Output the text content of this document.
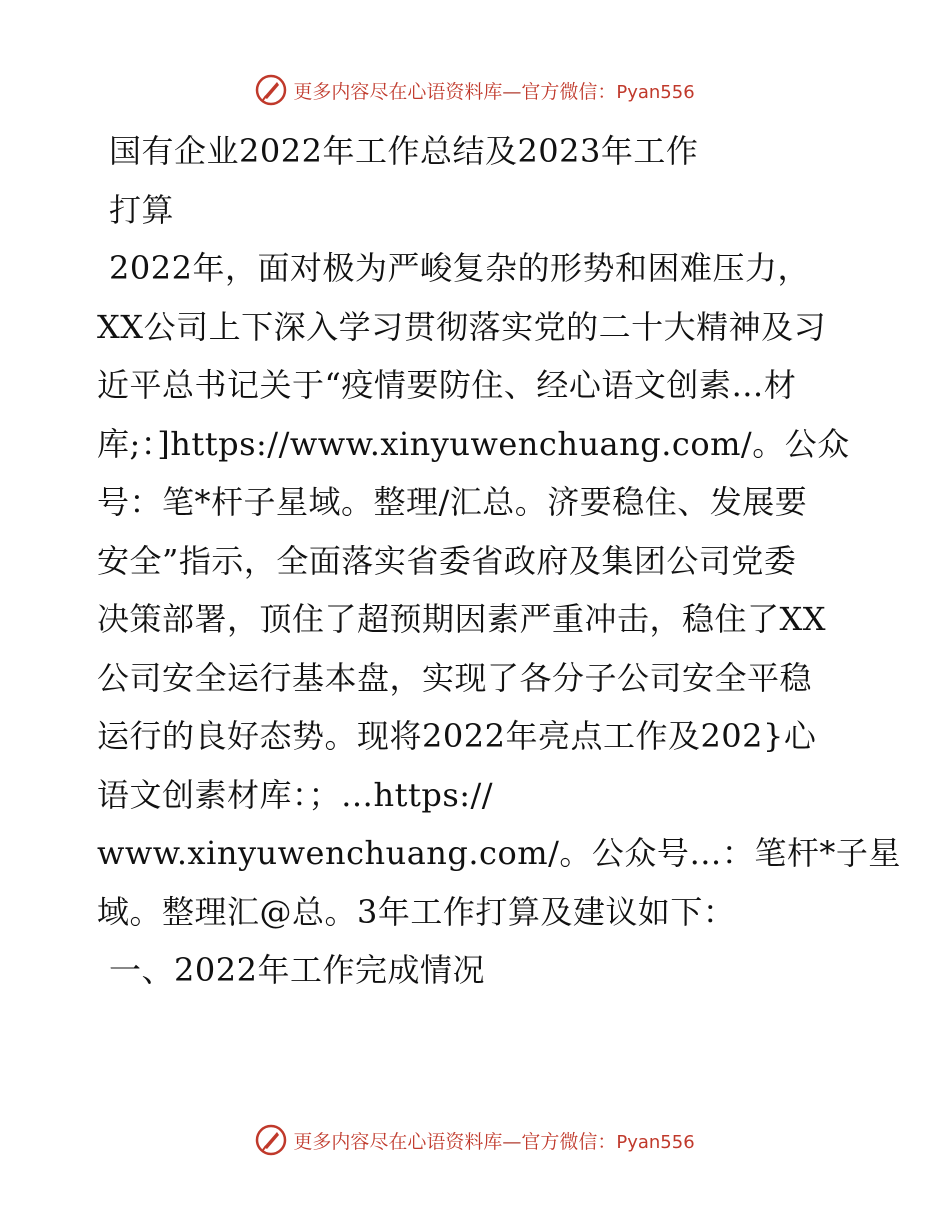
更多内容尽在心语资料库—官方微信：Pyan556
国有企业2022年工作总结及2023年工作
打算
2022年，面对极为严峻复杂的形势和困难压力，
XX公司上下深入学习贯彻落实党的二十大精神及习
近平总书记关于“疫情要防住、经心语文创素…材
库;：]https://www.xinyuwenchuang.com/。公众
号：笔*杆子星域。整理/汇总。济要稳住、发展要
安全”指示，全面落实省委省政府及集团公司党委
决策部署，顶住了超预期因素严重冲击，稳住了XX
公司安全运行基本盘，实现了各分子公司安全平稳
运行的良好态势。现将2022年亮点工作及202}心
语文创素材库：；…https://
www.xinyuwenchuang.com/。公众号…：笔杆*子星
域。整理汇@总。3年工作打算及建议如下：
一、2022年工作完成情况
更多内容尽在心语资料库—官方微信：Pyan556
